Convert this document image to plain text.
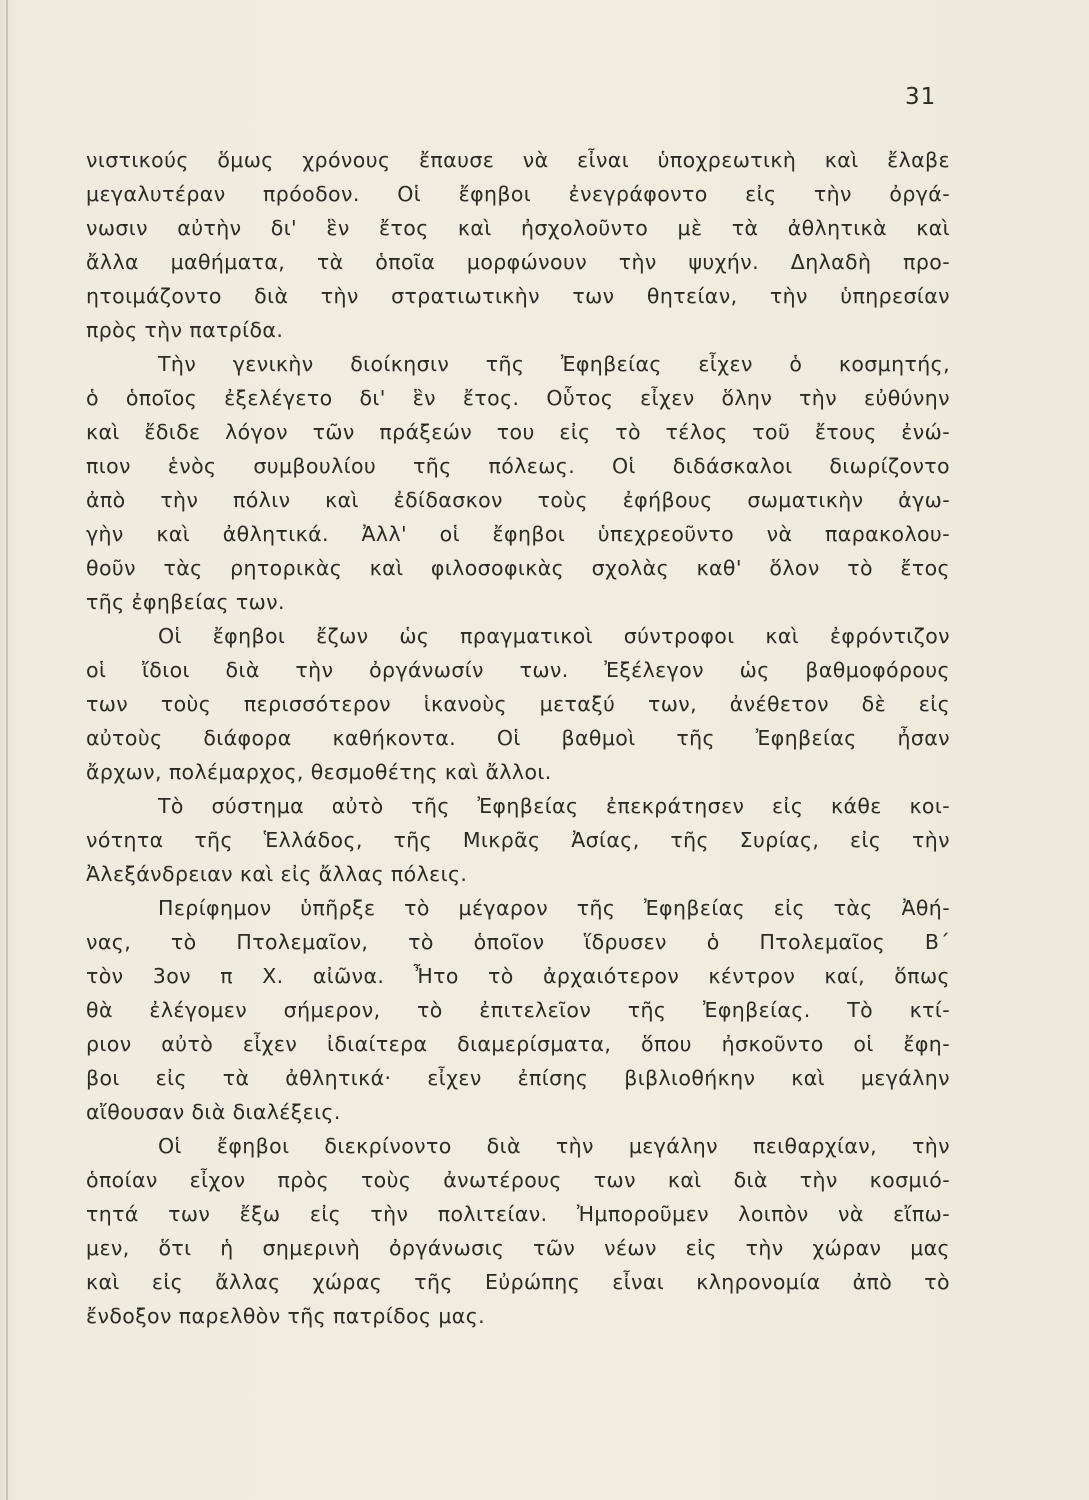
31
νιστικούς ὅμως χρόνους ἔπαυσε νὰ εἶναι ὑποχρεωτικὴ καὶ ἔλαβε
μεγαλυτέραν πρόοδον. Οἱ ἔφηβοι ἐνεγράφοντο εἰς τὴν ὀργά-
νωσιν αὐτὴν δι' ἓν ἔτος καὶ ἠσχολοῦντο μὲ τὰ ἀθλητικὰ καὶ
ἄλλα μαθήματα, τὰ ὁποῖα μορφώνουν τὴν ψυχήν. Δηλαδὴ προ-
ητοιμάζοντο διὰ τὴν στρατιωτικὴν των θητείαν, τὴν ὑπηρεσίαν
πρὸς τὴν πατρίδα.
Τὴν γενικὴν διοίκησιν τῆς Ἐφηβείας εἶχεν ὁ κοσμητής,
ὁ ὁποῖος ἐξελέγετο δι' ἓν ἔτος. Οὗτος εἶχεν ὅλην τὴν εὐθύνην
καὶ ἔδιδε λόγον τῶν πράξεών του εἰς τὸ τέλος τοῦ ἔτους ἐνώ-
πιον ἑνὸς συμβουλίου τῆς πόλεως. Οἱ διδάσκαλοι διωρίζοντο
ἀπὸ τὴν πόλιν καὶ ἐδίδασκον τοὺς ἐφήβους σωματικὴν ἀγω-
γὴν καὶ ἀθλητικά. Ἀλλ' οἱ ἔφηβοι ὑπεχρεοῦντο νὰ παρακολου-
θοῦν τὰς ρητορικὰς καὶ φιλοσοφικὰς σχολὰς καθ' ὅλον τὸ ἔτος
τῆς ἐφηβείας των.
Οἱ ἔφηβοι ἔζων ὡς πραγματικοὶ σύντροφοι καὶ ἐφρόντιζον
οἱ ἴδιοι διὰ τὴν ὀργάνωσίν των. Ἐξέλεγον ὡς βαθμοφόρους
των τοὺς περισσότερον ἱκανοὺς μεταξύ των, ἀνέθετον δὲ εἰς
αὐτοὺς διάφορα καθήκοντα. Οἱ βαθμοὶ τῆς Ἐφηβείας ἦσαν
ἄρχων, πολέμαρχος, θεσμοθέτης καὶ ἄλλοι.
Τὸ σύστημα αὐτὸ τῆς Ἐφηβείας ἐπεκράτησεν εἰς κάθε κοι-
νότητα τῆς Ἑλλάδος, τῆς Μικρᾶς Ἀσίας, τῆς Συρίας, εἰς τὴν
Ἀλεξάνδρειαν καὶ εἰς ἄλλας πόλεις.
Περίφημον ὑπῆρξε τὸ μέγαρον τῆς Ἐφηβείας εἰς τὰς Ἀθή-
νας, τὸ Πτολεμαῖον, τὸ ὁποῖον ἵδρυσεν ὁ Πτολεμαῖος Β´
τὸν 3ον π Χ. αἰῶνα. Ἦτο τὸ ἀρχαιότερον κέντρον καί, ὅπως
θὰ ἐλέγομεν σήμερον, τὸ ἐπιτελεῖον τῆς Ἐφηβείας. Τὸ κτί-
ριον αὐτὸ εἶχεν ἰδιαίτερα διαμερίσματα, ὅπου ἠσκοῦντο οἱ ἔφη-
βοι εἰς τὰ ἀθλητικά· εἶχεν ἐπίσης βιβλιοθήκην καὶ μεγάλην
αἴθουσαν διὰ διαλέξεις.
Οἱ ἔφηβοι διεκρίνοντο διὰ τὴν μεγάλην πειθαρχίαν, τὴν
ὁποίαν εἶχον πρὸς τοὺς ἀνωτέρους των καὶ διὰ τὴν κοσμιό-
τητά των ἔξω εἰς τὴν πολιτείαν. Ἠμποροῦμεν λοιπὸν νὰ εἴπω-
μεν, ὅτι ἡ σημερινὴ ὀργάνωσις τῶν νέων εἰς τὴν χώραν μας
καὶ εἰς ἄλλας χώρας τῆς Εὐρώπης εἶναι κληρονομία ἀπὸ τὸ
ἔνδοξον παρελθὸν τῆς πατρίδος μας.
